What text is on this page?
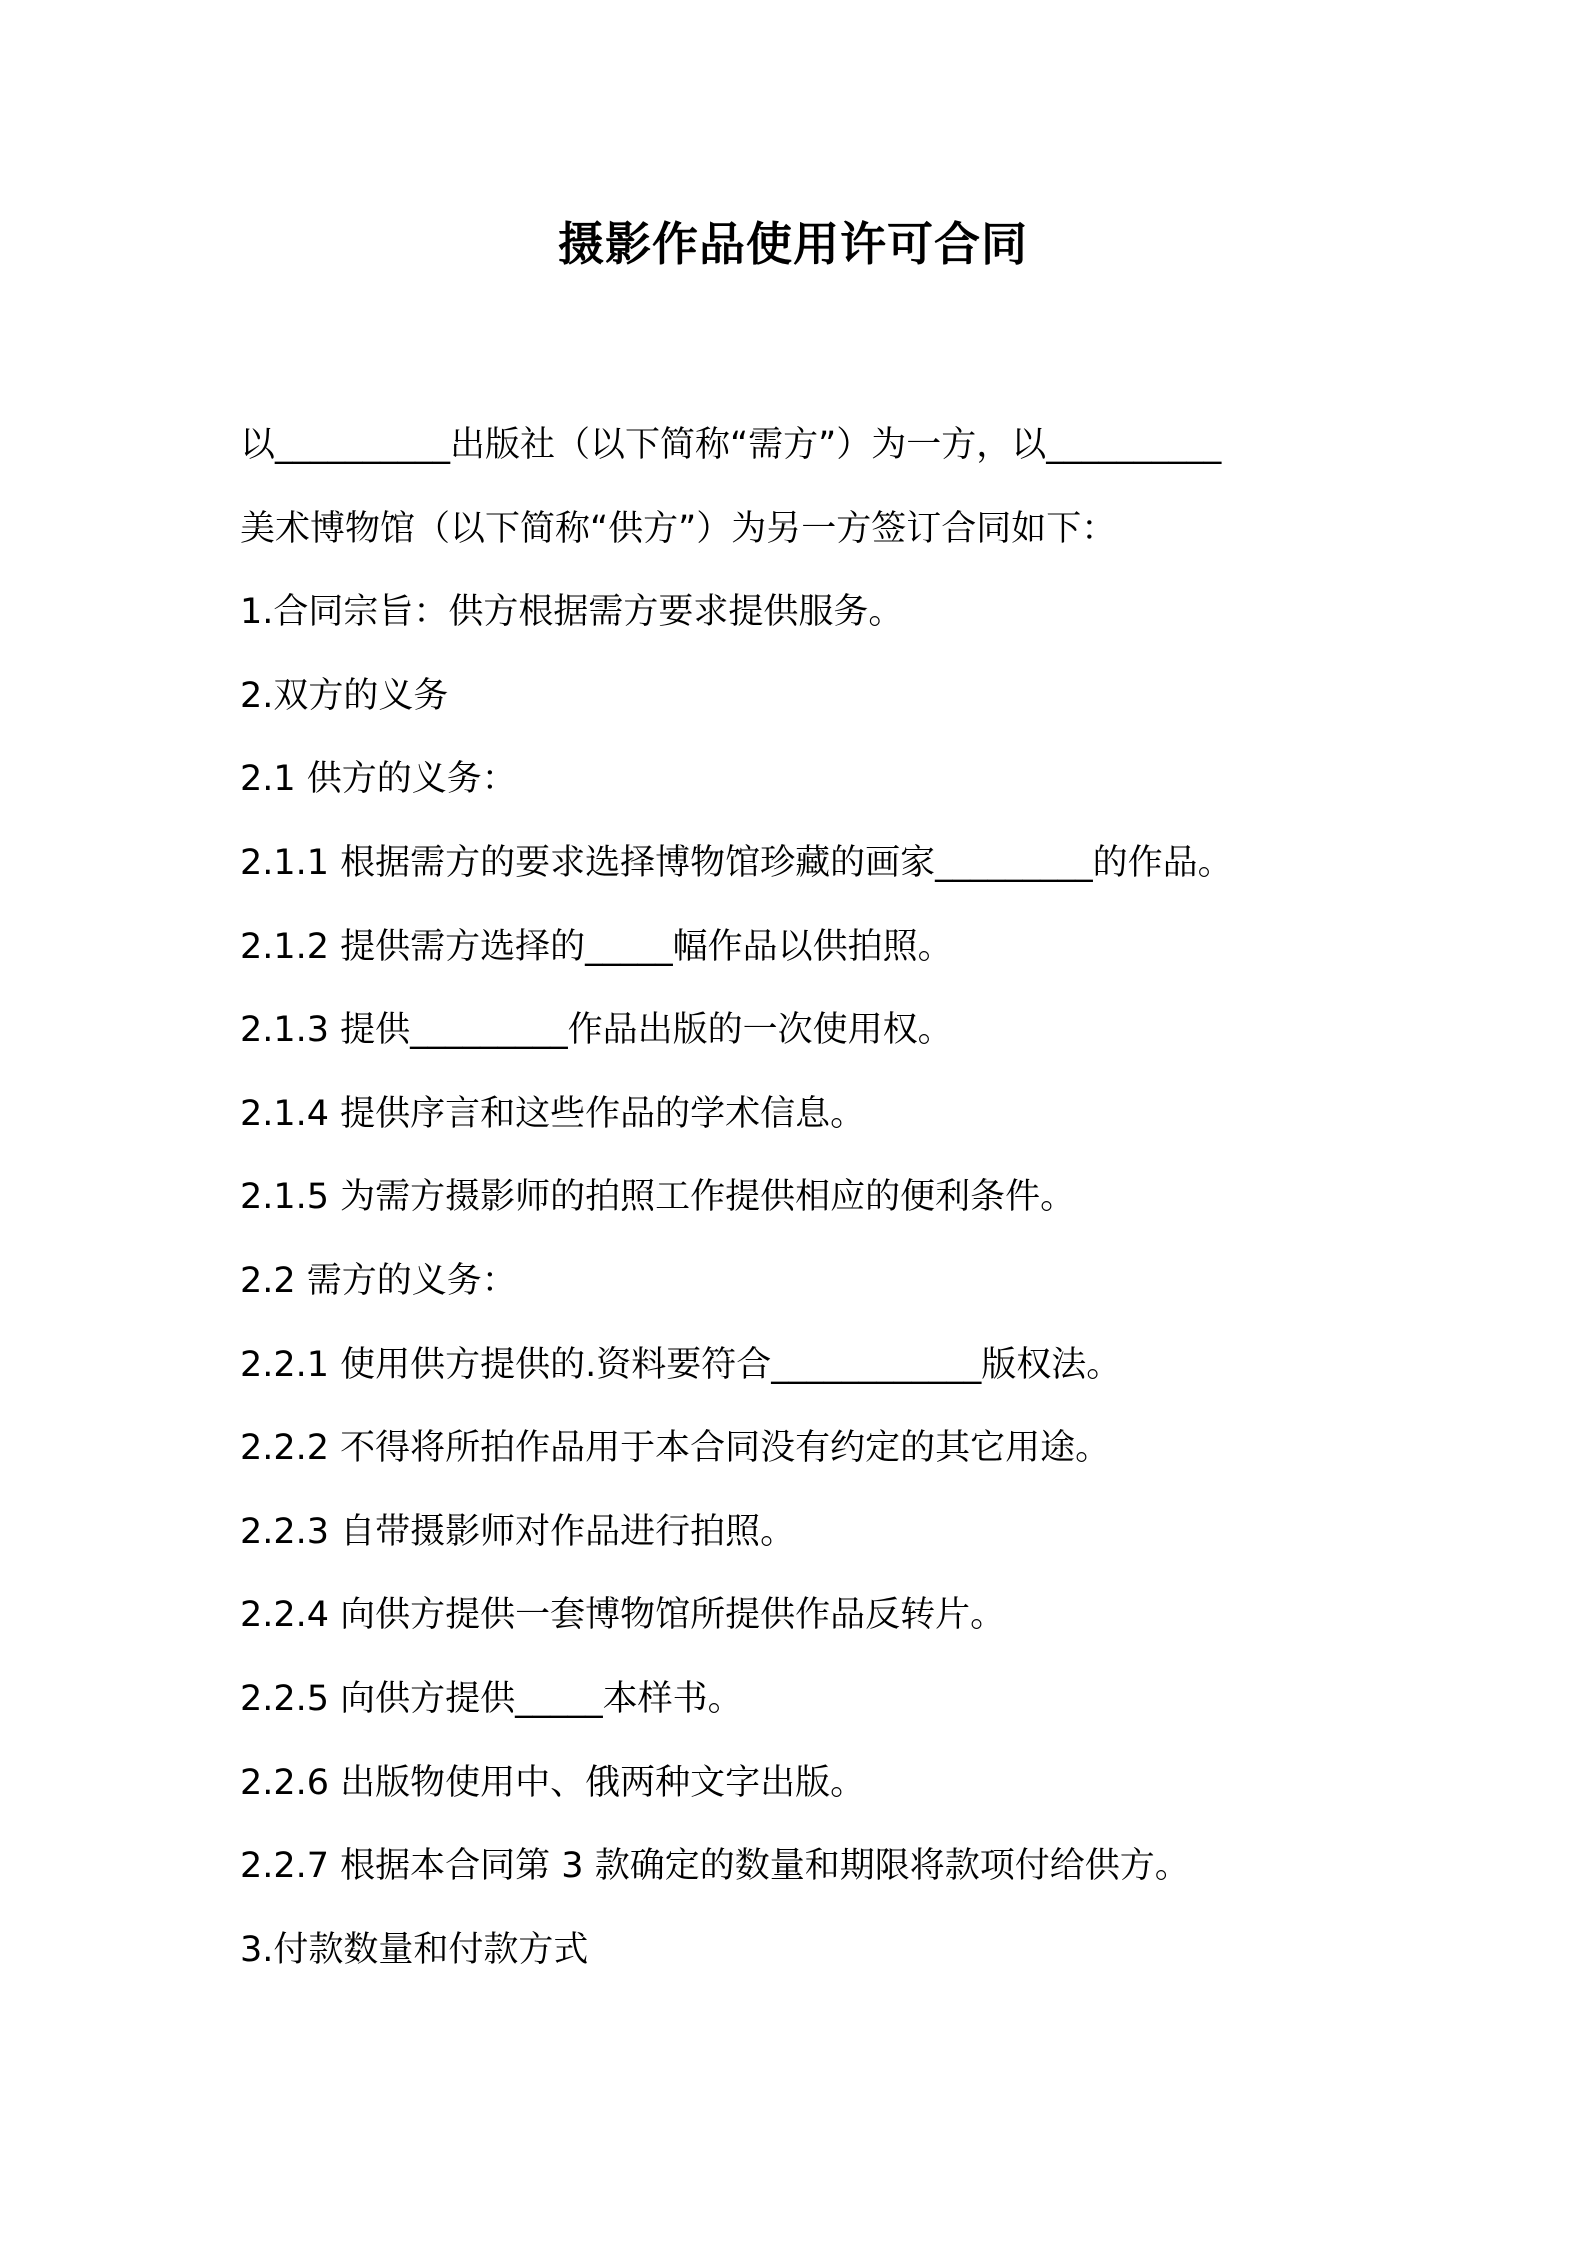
摄影作品使用许可合同

以__________出版社（以下简称“需方”）为一方，以__________

美术博物馆（以下简称“供方”）为另一方签订合同如下：

1.合同宗旨：供方根据需方要求提供服务。

2.双方的义务

2.1 供方的义务：

2.1.1 根据需方的要求选择博物馆珍藏的画家_________的作品。

2.1.2 提供需方选择的_____幅作品以供拍照。

2.1.3 提供_________作品出版的一次使用权。

2.1.4 提供序言和这些作品的学术信息。

2.1.5 为需方摄影师的拍照工作提供相应的便利条件。

2.2 需方的义务：

2.2.1 使用供方提供的.资料要符合____________版权法。

2.2.2 不得将所拍作品用于本合同没有约定的其它用途。

2.2.3 自带摄影师对作品进行拍照。

2.2.4 向供方提供一套博物馆所提供作品反转片。

2.2.5 向供方提供_____本样书。

2.2.6 出版物使用中、俄两种文字出版。

2.2.7 根据本合同第 3 款确定的数量和期限将款项付给供方。

3.付款数量和付款方式
